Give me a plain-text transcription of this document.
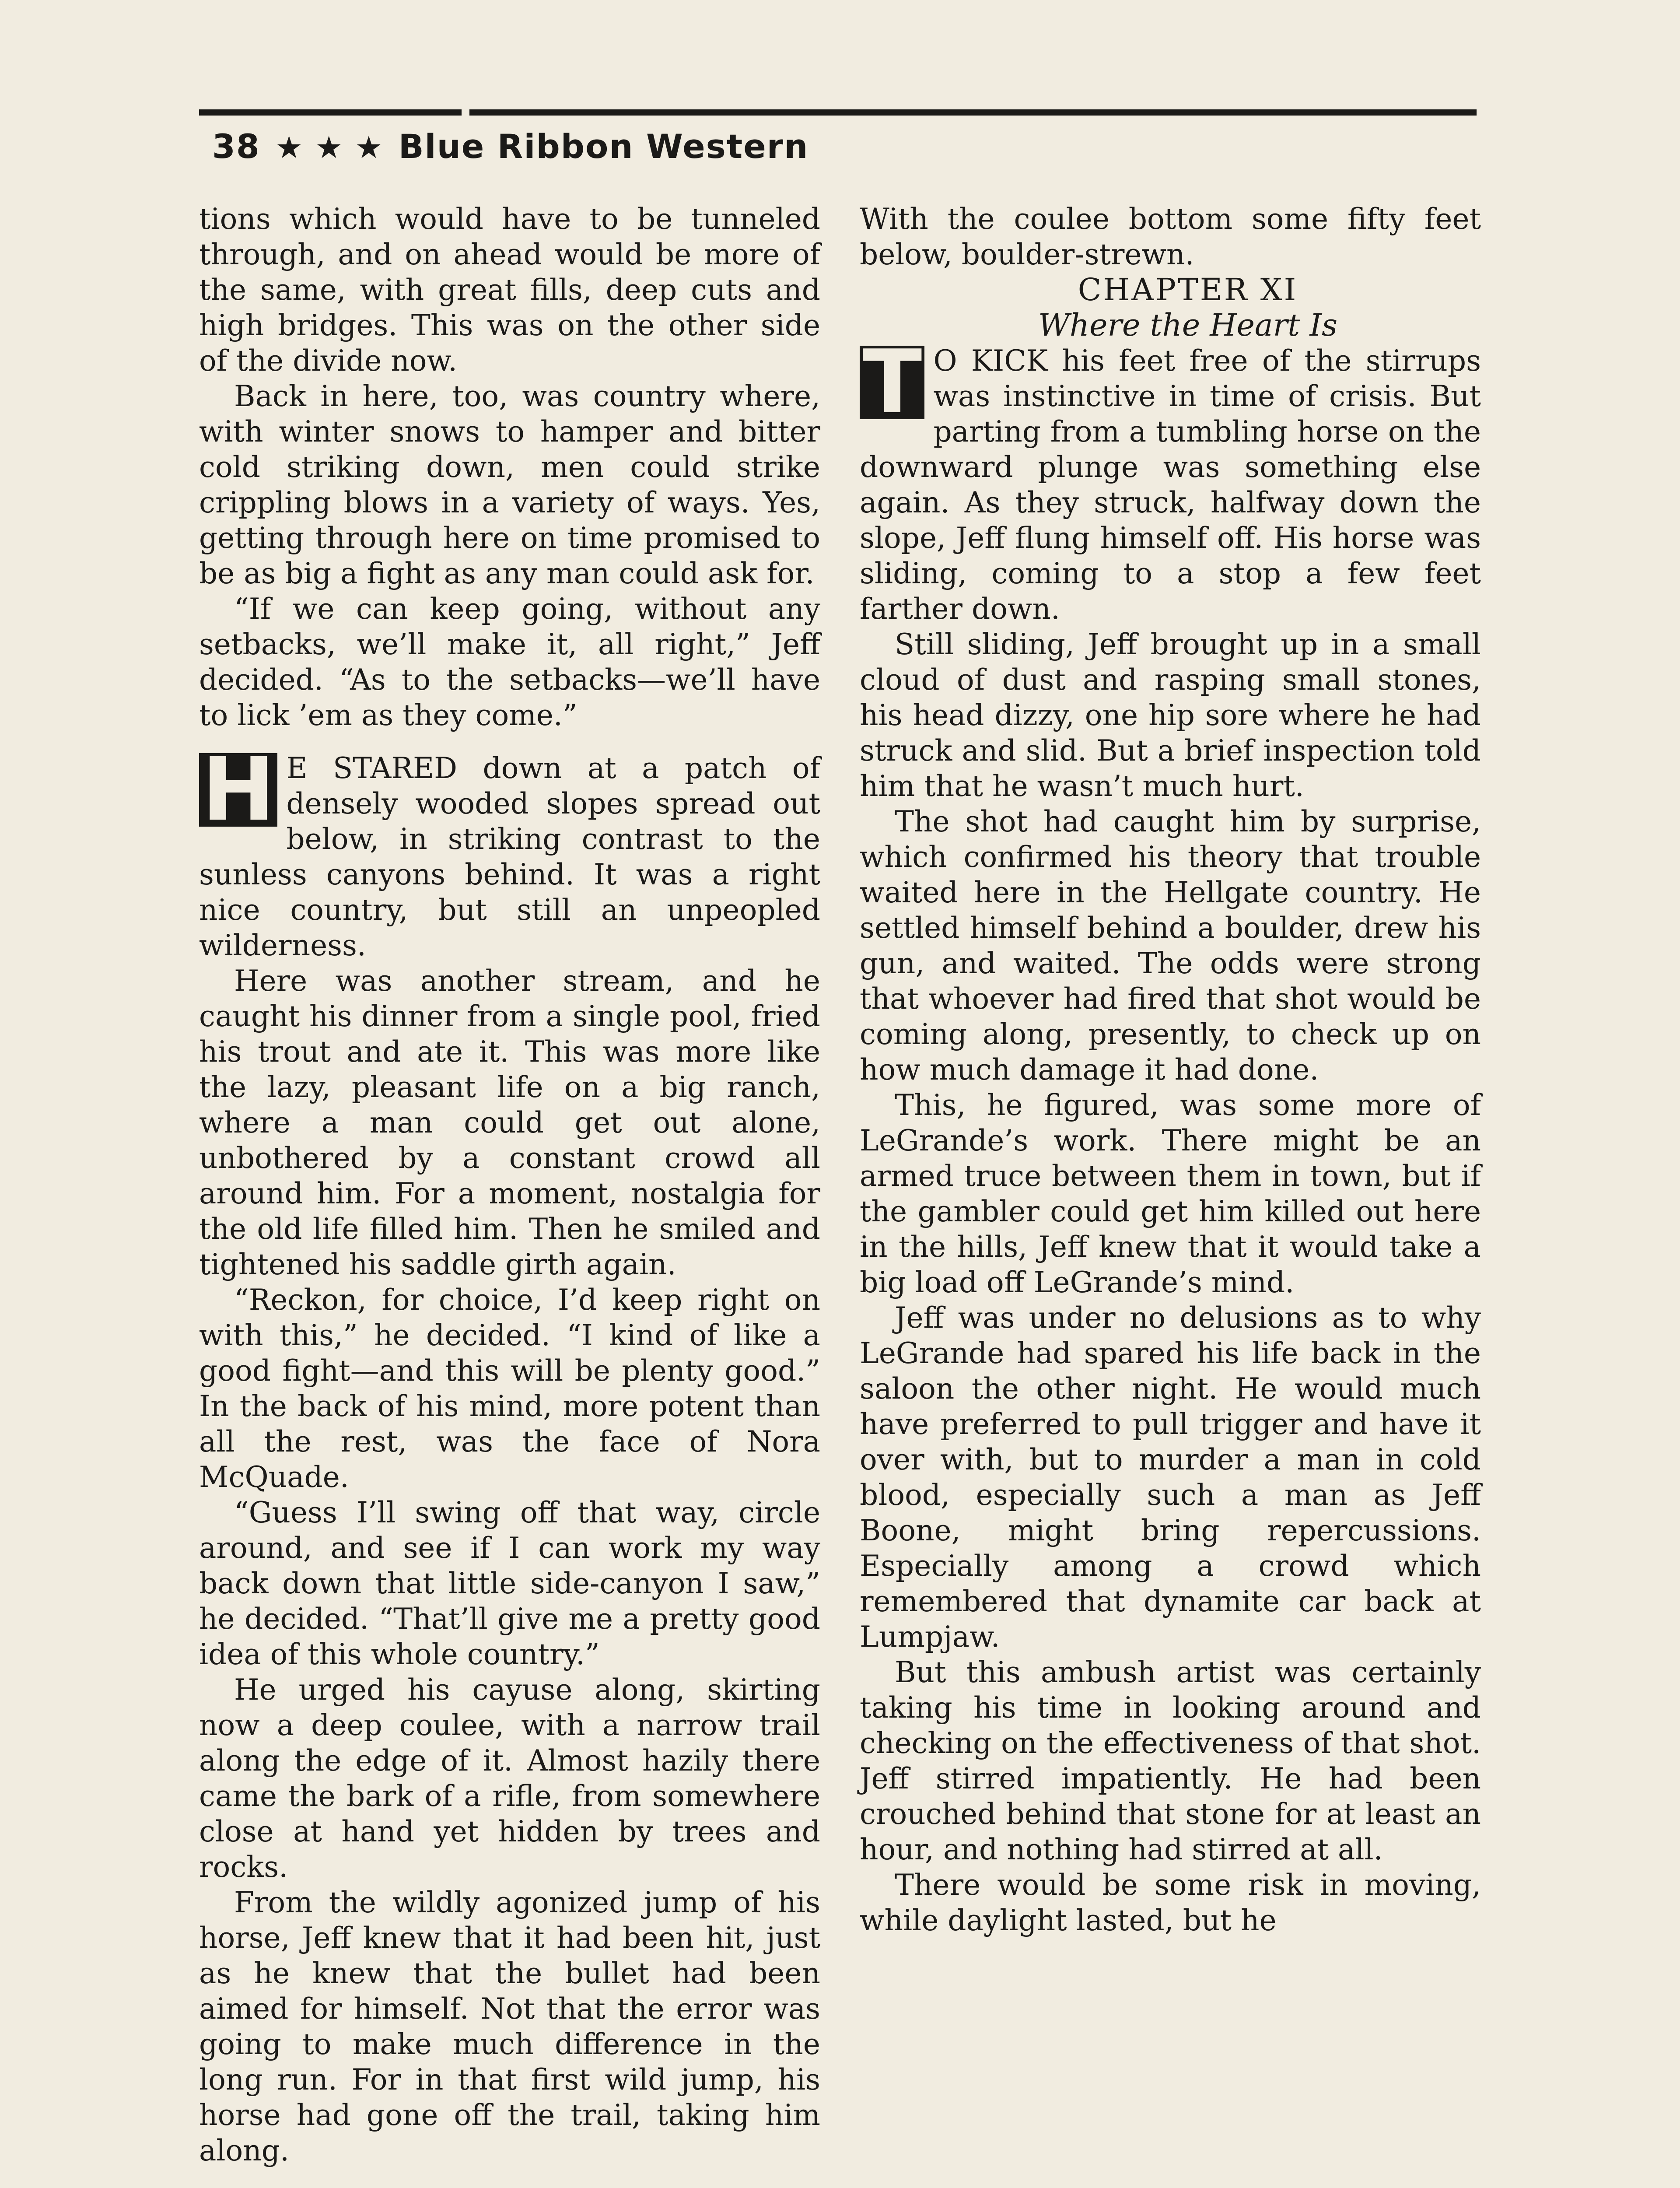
38 ★ ★ ★ Blue Ribbon Western

tions which would have to be tunneled through, and on ahead would be more of the same, with great fills, deep cuts and high bridges. This was on the other side of the divide now.

Back in here, too, was country where, with winter snows to hamper and bitter cold striking down, men could strike crippling blows in a variety of ways. Yes, getting through here on time promised to be as big a fight as any man could ask for.

“If we can keep going, without any setbacks, we’ll make it, all right,” Jeff decided. “As to the setbacks—we’ll have to lick ’em as they come.”

H E STARED down at a patch of densely wooded slopes spread out below, in striking contrast to the sunless canyons behind. It was a right nice country, but still an unpeopled wilderness.

Here was another stream, and he caught his dinner from a single pool, fried his trout and ate it. This was more like the lazy, pleasant life on a big ranch, where a man could get out alone, unbothered by a constant crowd all around him. For a moment, nostalgia for the old life filled him. Then he smiled and tightened his saddle girth again.

“Reckon, for choice, I’d keep right on with this,” he decided. “I kind of like a good fight—and this will be plenty good.” In the back of his mind, more potent than all the rest, was the face of Nora McQuade.

“Guess I’ll swing off that way, circle around, and see if I can work my way back down that little side-canyon I saw,” he decided. “That’ll give me a pretty good idea of this whole country.”

He urged his cayuse along, skirting now a deep coulee, with a narrow trail along the edge of it. Almost hazily there came the bark of a rifle, from somewhere close at hand yet hidden by trees and rocks.

From the wildly agonized jump of his horse, Jeff knew that it had been hit, just as he knew that the bullet had been aimed for himself. Not that the error was going to make much difference in the long run. For in that first wild jump, his horse had gone off the trail, taking him along.

With the coulee bottom some fifty feet below, boulder-strewn.

CHAPTER XI

Where the Heart Is

T O KICK his feet free of the stirrups was instinctive in time of crisis. But parting from a tumbling horse on the downward plunge was something else again. As they struck, halfway down the slope, Jeff flung himself off. His horse was sliding, coming to a stop a few feet farther down.

Still sliding, Jeff brought up in a small cloud of dust and rasping small stones, his head dizzy, one hip sore where he had struck and slid. But a brief inspection told him that he wasn’t much hurt.

The shot had caught him by surprise, which confirmed his theory that trouble waited here in the Hellgate country. He settled himself behind a boulder, drew his gun, and waited. The odds were strong that whoever had fired that shot would be coming along, presently, to check up on how much damage it had done.

This, he figured, was some more of LeGrande’s work. There might be an armed truce between them in town, but if the gambler could get him killed out here in the hills, Jeff knew that it would take a big load off LeGrande’s mind.

Jeff was under no delusions as to why LeGrande had spared his life back in the saloon the other night. He would much have preferred to pull trigger and have it over with, but to murder a man in cold blood, especially such a man as Jeff Boone, might bring repercussions. Especially among a crowd which remembered that dynamite car back at Lumpjaw.

But this ambush artist was certainly taking his time in looking around and checking on the effectiveness of that shot. Jeff stirred impatiently. He had been crouched behind that stone for at least an hour, and nothing had stirred at all.

There would be some risk in moving, while daylight lasted, but he
